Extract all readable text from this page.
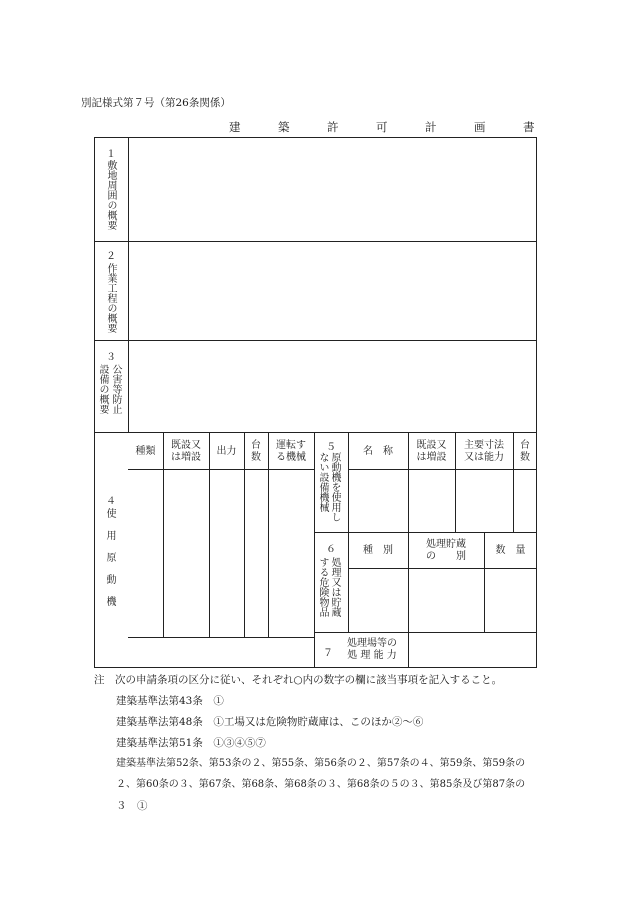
別記様式第７号（第26条関係）
建　築　許　可　計　画　書
１
敷地周囲の概要
２
作業工程の概要
３
公害等防止
設備の概要
４
使用原動機
種類
既設又
は増設	出力
台
数
運転す
る機械
５
原動機を使用し
ない設備機械
名　称
既設又
は増設
主要寸法
又は能力
台
数
６
処理又は貯蔵
する危険物品
種　別
処理貯蔵
の　　別	数　量
７
処理場等の
処 理 能 力
注　次の申請条項の区分に従い、それぞれ○内の数字の欄に該当事項を記入すること。
建築基準法第43条　①
建築基準法第48条　①工場又は危険物貯蔵庫は、このほか②～⑥
建築基準法第51条　①③④⑤⑦
建築基準法第52条、第53条の２、第55条、第56条の２、第57条の４、第59条、第59条の
２、第60条の３、第67条、第68条、第68条の３、第68条の５の３、第85条及び第87条の
３　①
